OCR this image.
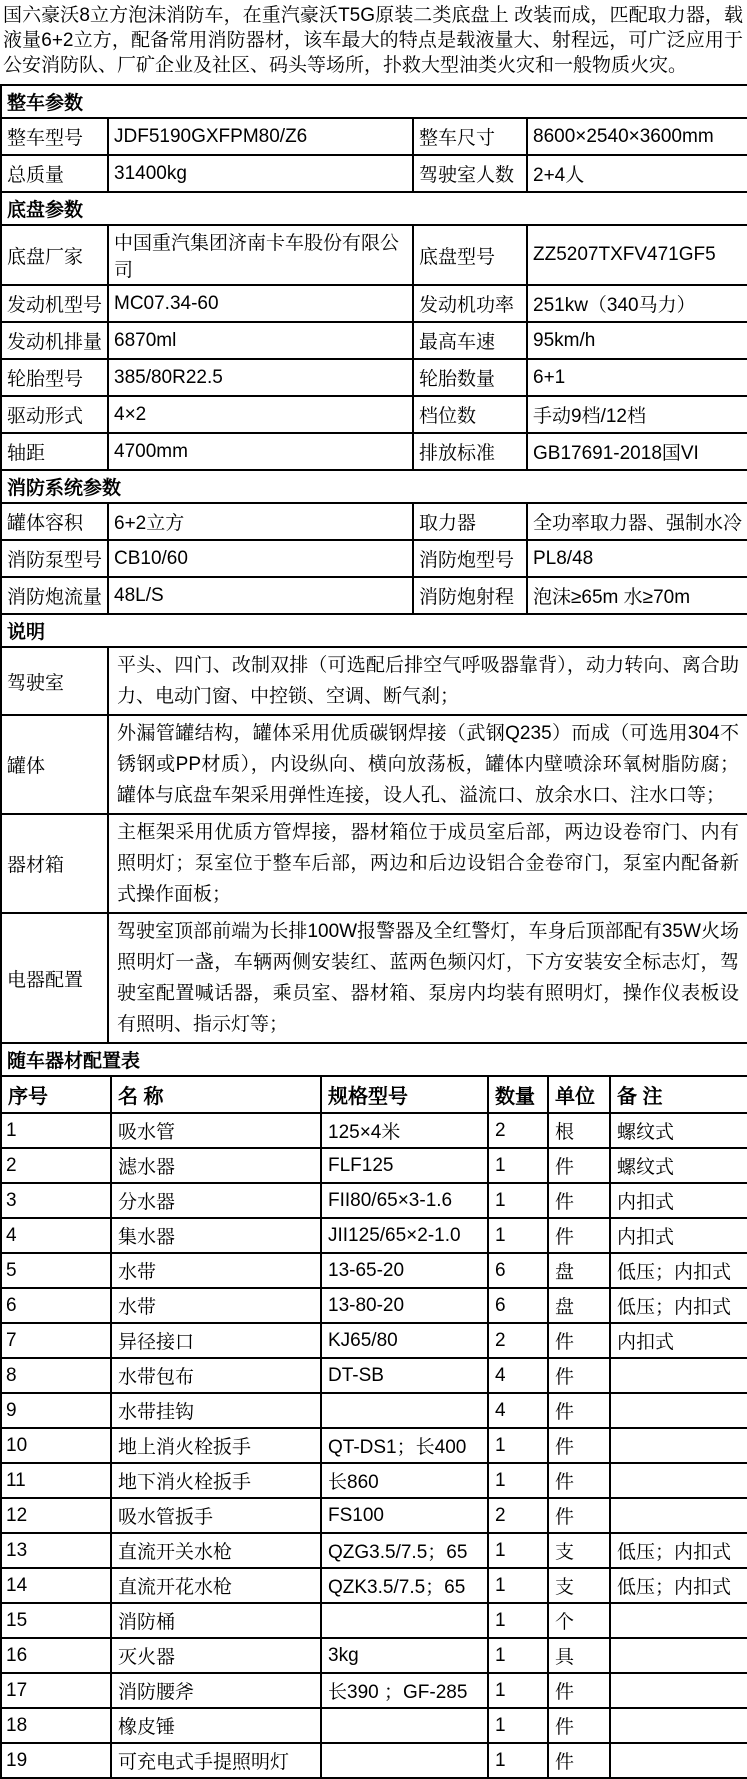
国六豪沃8立方泡沫消防车，在重汽豪沃T5G原装二类底盘上 改装而成，匹配取力器，载液量6+2立方，配备常用消防器材，该车最大的特点是载液量大、射程远，可广泛应用于公安消防队、厂矿企业及社区、码头等场所，扑救大型油类火灾和一般物质火灾。

整车参数			
整车型号	JDF5190GXFPM80/Z6	整车尺寸	8600×2540×3600mm
总质量	31400kg	驾驶室人数	2+4人
底盘参数			
底盘厂家	中国重汽集团济南卡车股份有限公司	底盘型号	ZZ5207TXFV471GF5
发动机型号	MC07.34-60	发动机功率	251kw（340马力）
发动机排量	6870ml	最高车速	95km/h
轮胎型号	385/80R22.5	轮胎数量	6+1
驱动形式	4×2	档位数	手动9档/12档
轴距	4700mm	排放标准	GB17691-2018国VI
消防系统参数			
罐体容积	6+2立方	取力器	全功率取力器、强制水冷
消防泵型号	CB10/60	消防炮型号	PL8/48
消防炮流量	48L/S	消防炮射程	泡沫≥65m 水≥70m
说明	
驾驶室	平头、四门、改制双排（可选配后排空气呼吸器靠背），动力转向、离合助力、电动门窗、中控锁、空调、断气刹；
罐体	外漏管罐结构，罐体采用优质碳钢焊接（武钢Q235）而成（可选用304不锈钢或PP材质），内设纵向、横向放荡板，罐体内壁喷涂环氧树脂防腐；罐体与底盘车架采用弹性连接，设人孔、溢流口、放余水口、注水口等；
器材箱	主框架采用优质方管焊接，器材箱位于成员室后部，两边设卷帘门、内有照明灯；泵室位于整车后部，两边和后边设铝合金卷帘门，泵室内配备新式操作面板；
电器配置	驾驶室顶部前端为长排100W报警器及全红警灯，车身后顶部配有35W火场照明灯一盏，车辆两侧安装红、蓝两色频闪灯，下方安装安全标志灯，驾驶室配置喊话器，乘员室、器材箱、泵房内均装有照明灯，操作仪表板设有照明、指示灯等；
随车器材配置表					
序号	名 称	规格型号	数量	单位	备 注
1	吸水管	125×4米	2	根	螺纹式
2	滤水器	FLF125	1	件	螺纹式
3	分水器	FII80/65×3-1.6	1	件	内扣式
4	集水器	JII125/65×2-1.0	1	件	内扣式
5	水带	13-65-20	6	盘	低压；内扣式
6	水带	13-80-20	6	盘	低压；内扣式
7	异径接口	KJ65/80	2	件	内扣式
8	水带包布	DT-SB	4	件	
9	水带挂钩		4	件	
10	地上消火栓扳手	QT-DS1；长400	1	件	
11	地下消火栓扳手	长860	1	件	
12	吸水管扳手	FS100	2	件	
13	直流开关水枪	QZG3.5/7.5；65	1	支	低压；内扣式
14	直流开花水枪	QZK3.5/7.5；65	1	支	低压；内扣式
15	消防桶		1	个	
16	灭火器	3kg	1	具	
17	消防腰斧	长390 ；GF-285	1	件	
18	橡皮锤		1	件	
19	可充电式手提照明灯		1	件	
